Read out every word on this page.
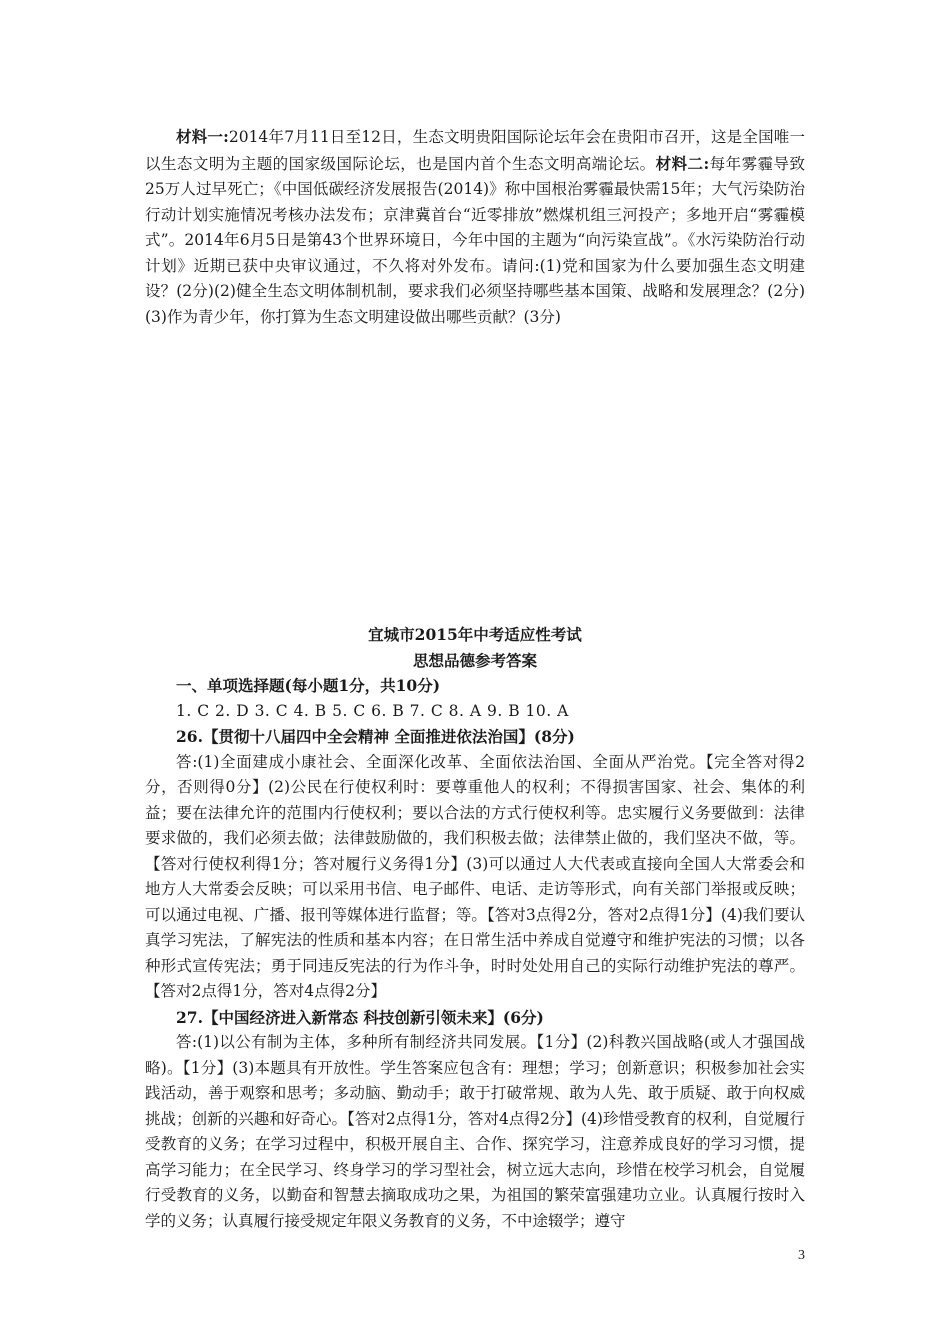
材料一:2014年7月11日至12日，生态文明贵阳国际论坛年会在贵阳市召开，这是全国唯一以生态文明为主题的国家级国际论坛，也是国内首个生态文明高端论坛。材料二:每年雾霾导致25万人过早死亡；《中国低碳经济发展报告(2014)》称中国根治雾霾最快需15年；大气污染防治行动计划实施情况考核办法发布；京津冀首台“近零排放”燃煤机组三河投产；多地开启“雾霾模式”。2014年6月5日是第43个世界环境日，今年中国的主题为“向污染宣战”。《水污染防治行动计划》近期已获中央审议通过，不久将对外发布。请问:(1)党和国家为什么要加强生态文明建设？(2分)(2)健全生态文明体制机制，要求我们必须坚持哪些基本国策、战略和发展理念？(2分)(3)作为青少年，你打算为生态文明建设做出哪些贡献？(3分)

宜城市2015年中考适应性考试
思想品德参考答案

一、单项选择题(每小题1分，共10分)

1. C 2. D 3. C 4. B 5. C 6. B 7. C 8. A 9. B 10. A

26.【贯彻十八届四中全会精神 全面推进依法治国】(8分)

答:(1)全面建成小康社会、全面深化改革、全面依法治国、全面从严治党。【完全答对得2分，否则得0分】(2)公民在行使权利时：要尊重他人的权利；不得损害国家、社会、集体的利益；要在法律允许的范围内行使权利；要以合法的方式行使权利等。忠实履行义务要做到：法律要求做的，我们必须去做；法律鼓励做的，我们积极去做；法律禁止做的，我们坚决不做，等。【答对行使权利得1分；答对履行义务得1分】(3)可以通过人大代表或直接向全国人大常委会和地方人大常委会反映；可以采用书信、电子邮件、电话、走访等形式，向有关部门举报或反映；可以通过电视、广播、报刊等媒体进行监督；等。【答对3点得2分，答对2点得1分】(4)我们要认真学习宪法，了解宪法的性质和基本内容；在日常生活中养成自觉遵守和维护宪法的习惯；以各种形式宣传宪法；勇于同违反宪法的行为作斗争，时时处处用自己的实际行动维护宪法的尊严。【答对2点得1分，答对4点得2分】

27.【中国经济进入新常态 科技创新引领未来】(6分)

答:(1)以公有制为主体，多种所有制经济共同发展。【1分】(2)科教兴国战略(或人才强国战略)。【1分】(3)本题具有开放性。学生答案应包含有：理想；学习；创新意识；积极参加社会实践活动，善于观察和思考；多动脑、勤动手；敢于打破常规、敢为人先、敢于质疑、敢于向权威挑战；创新的兴趣和好奇心。【答对2点得1分，答对4点得2分】(4)珍惜受教育的权利，自觉履行受教育的义务；在学习过程中，积极开展自主、合作、探究学习，注意养成良好的学习习惯，提高学习能力；在全民学习、终身学习的学习型社会，树立远大志向，珍惜在校学习机会，自觉履行受教育的义务，以勤奋和智慧去摘取成功之果，为祖国的繁荣富强建功立业。认真履行按时入学的义务；认真履行接受规定年限义务教育的义务，不中途辍学；遵守

3
